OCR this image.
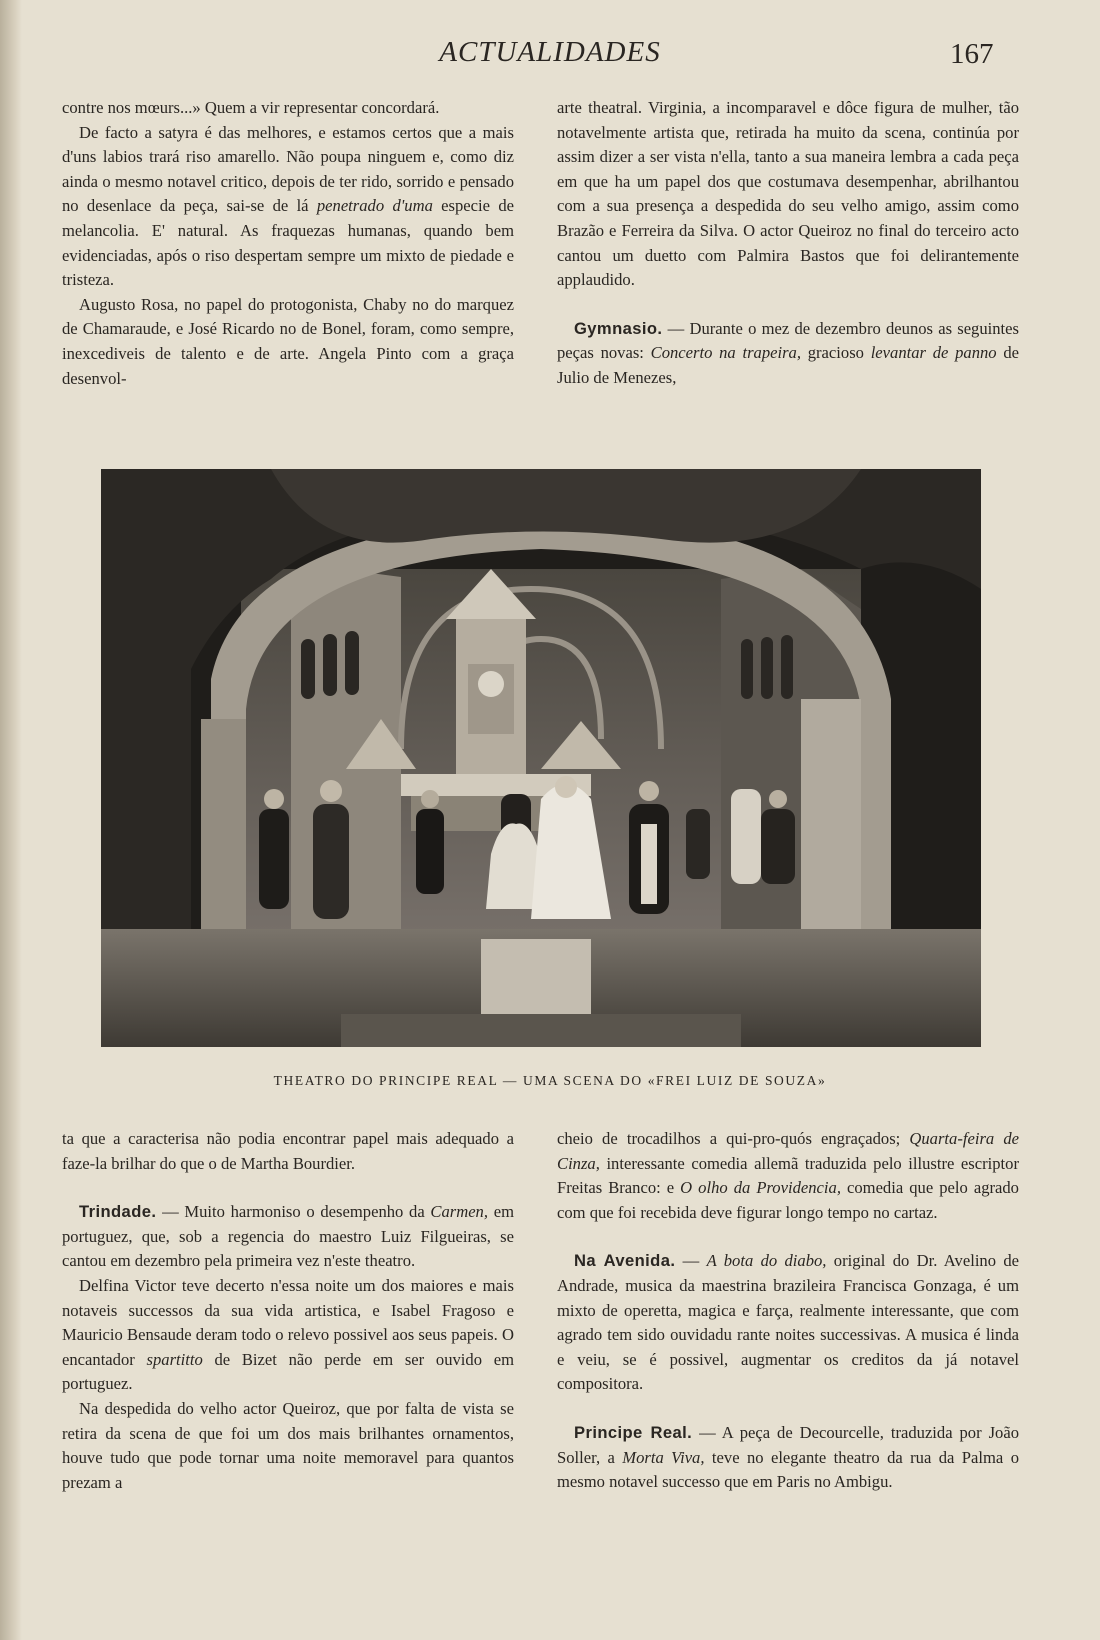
ACTUALIDADES	167

contre nos mœurs...» Quem a vir representar concordará.

De facto a satyra é das melhores, e estamos certos que a mais d'uns labios trará riso amarello. Não poupa ninguem e, como diz ainda o mesmo notavel critico, depois de ter rido, sorrido e pensado no desenlace da peça, sai-se de lá penetrado d'uma especie de melancolia. E' natural. As fraquezas humanas, quando bem evidenciadas, após o riso despertam sempre um mixto de piedade e tristeza.

Augusto Rosa, no papel do protogonista, Chaby no do marquez de Chamaraude, e José Ricardo no de Bonel, foram, como sempre, inexcediveis de talento e de arte. Angela Pinto com a graça desenvol-

arte theatral. Virginia, a incomparavel e dôce figura de mulher, tão notavelmente artista que, retirada ha muito da scena, continúa por assim dizer a ser vista n'ella, tanto a sua maneira lembra a cada peça em que ha um papel dos que costumava desempenhar, abrilhantou com a sua presença a despedida do seu velho amigo, assim como Brazão e Ferreira da Silva. O actor Queiroz no final do terceiro acto cantou um duetto com Palmira Bastos que foi delirantemente applaudido.

Gymnasio. — Durante o mez de dezembro deunos as seguintes peças novas: Concerto na trapeira, gracioso levantar de panno de Julio de Menezes,

THEATRO DO PRINCIPE REAL — UMA SCENA DO «FREI LUIZ DE SOUZA»

ta que a caracterisa não podia encontrar papel mais adequado a faze-la brilhar do que o de Martha Bourdier.

Trindade. — Muito harmoniso o desempenho da Carmen, em portuguez, que, sob a regencia do maestro Luiz Filgueiras, se cantou em dezembro pela primeira vez n'este theatro.

Delfina Victor teve decerto n'essa noite um dos maiores e mais notaveis successos da sua vida artistica, e Isabel Fragoso e Mauricio Bensaude deram todo o relevo possivel aos seus papeis. O encantador spartitto de Bizet não perde em ser ouvido em portuguez.

Na despedida do velho actor Queiroz, que por falta de vista se retira da scena de que foi um dos mais brilhantes ornamentos, houve tudo que pode tornar uma noite memoravel para quantos prezam a

cheio de trocadilhos a qui-pro-quós engraçados; Quarta-feira de Cinza, interessante comedia allemã traduzida pelo illustre escriptor Freitas Branco: e O olho da Providencia, comedia que pelo agrado com que foi recebida deve figurar longo tempo no cartaz.

Na Avenida. — A bota do diabo, original do Dr. Avelino de Andrade, musica da maestrina brazileira Francisca Gonzaga, é um mixto de operetta, magica e farça, realmente interessante, que com agrado tem sido ouvidadu rante noites successivas. A musica é linda e veiu, se é possivel, augmentar os creditos da já notavel compositora.

Principe Real. — A peça de Decourcelle, traduzida por João Soller, a Morta Viva, teve no elegante theatro da rua da Palma o mesmo notavel successo que em Paris no Ambigu.
